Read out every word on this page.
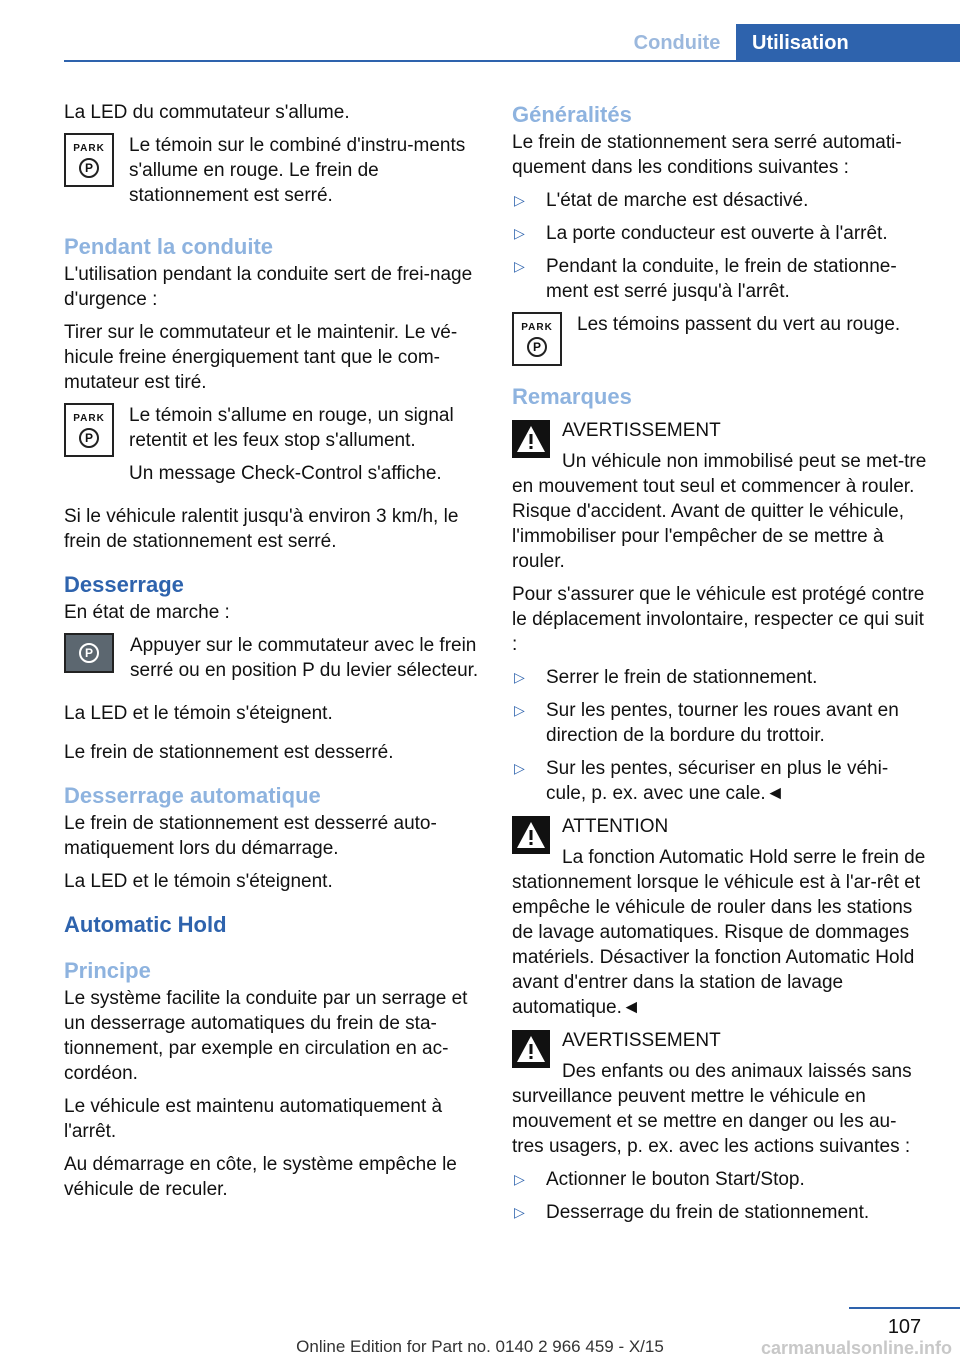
Conduite	Utilisation

La LED du commutateur s'allume.

PARK
P

Le témoin sur le combiné d'instru-ments s'allume en rouge. Le frein de stationnement est serré.

Pendant la conduite

L'utilisation pendant la conduite sert de frei-nage d'urgence :

Tirer sur le commutateur et le maintenir. Le vé-hicule freine énergiquement tant que le com-mutateur est tiré.

PARK
P

Le témoin s'allume en rouge, un signal retentit et les feux stop s'allument.

Un message Check-Control s'affiche.

Si le véhicule ralentit jusqu'à environ 3 km/h, le frein de stationnement est serré.

Desserrage

En état de marche :

P	Appuyer sur le commutateur avec le frein serré ou en position P du levier sélecteur.

La LED et le témoin s'éteignent.

Le frein de stationnement est desserré.

Desserrage automatique

Le frein de stationnement est desserré auto-matiquement lors du démarrage.

La LED et le témoin s'éteignent.

Automatic Hold
Principe

Le système facilite la conduite par un serrage et un desserrage automatiques du frein de sta-tionnement, par exemple en circulation en ac-cordéon.

Le véhicule est maintenu automatiquement à l'arrêt.

Au démarrage en côte, le système empêche le véhicule de reculer.

Généralités

Le frein de stationnement sera serré automati-quement dans les conditions suivantes :

▷ L'état de marche est désactivé.
▷ La porte conducteur est ouverte à l'arrêt.
▷ Pendant la conduite, le frein de stationne-ment est serré jusqu'à l'arrêt.
PARK
P

Les témoins passent du vert au rouge.

Remarques

AVERTISSEMENT

Un véhicule non immobilisé peut se met-tre en mouvement tout seul et commencer à rouler. Risque d'accident. Avant de quitter le véhicule, l'immobiliser pour l'empêcher de se mettre à rouler.

Pour s'assurer que le véhicule est protégé contre le déplacement involontaire, respecter ce qui suit :

▷ Serrer le frein de stationnement.
▷ Sur les pentes, tourner les roues avant en direction de la bordure du trottoir.
▷ Sur les pentes, sécuriser en plus le véhi-cule, p. ex. avec une cale.◄

ATTENTION

La fonction Automatic Hold serre le frein de stationnement lorsque le véhicule est à l'ar-rêt et empêche le véhicule de rouler dans les stations de lavage automatiques. Risque de dommages matériels. Désactiver la fonction Automatic Hold avant d'entrer dans la station de lavage automatique.◄

AVERTISSEMENT

Des enfants ou des animaux laissés sans surveillance peuvent mettre le véhicule en mouvement et se mettre en danger ou les au-tres usagers, p. ex. avec les actions suivantes :

▷ Actionner le bouton Start/Stop.
▷ Desserrage du frein de stationnement.
107
Online Edition for Part no. 0140 2 966 459 - X/15	carmanualsonline.info
